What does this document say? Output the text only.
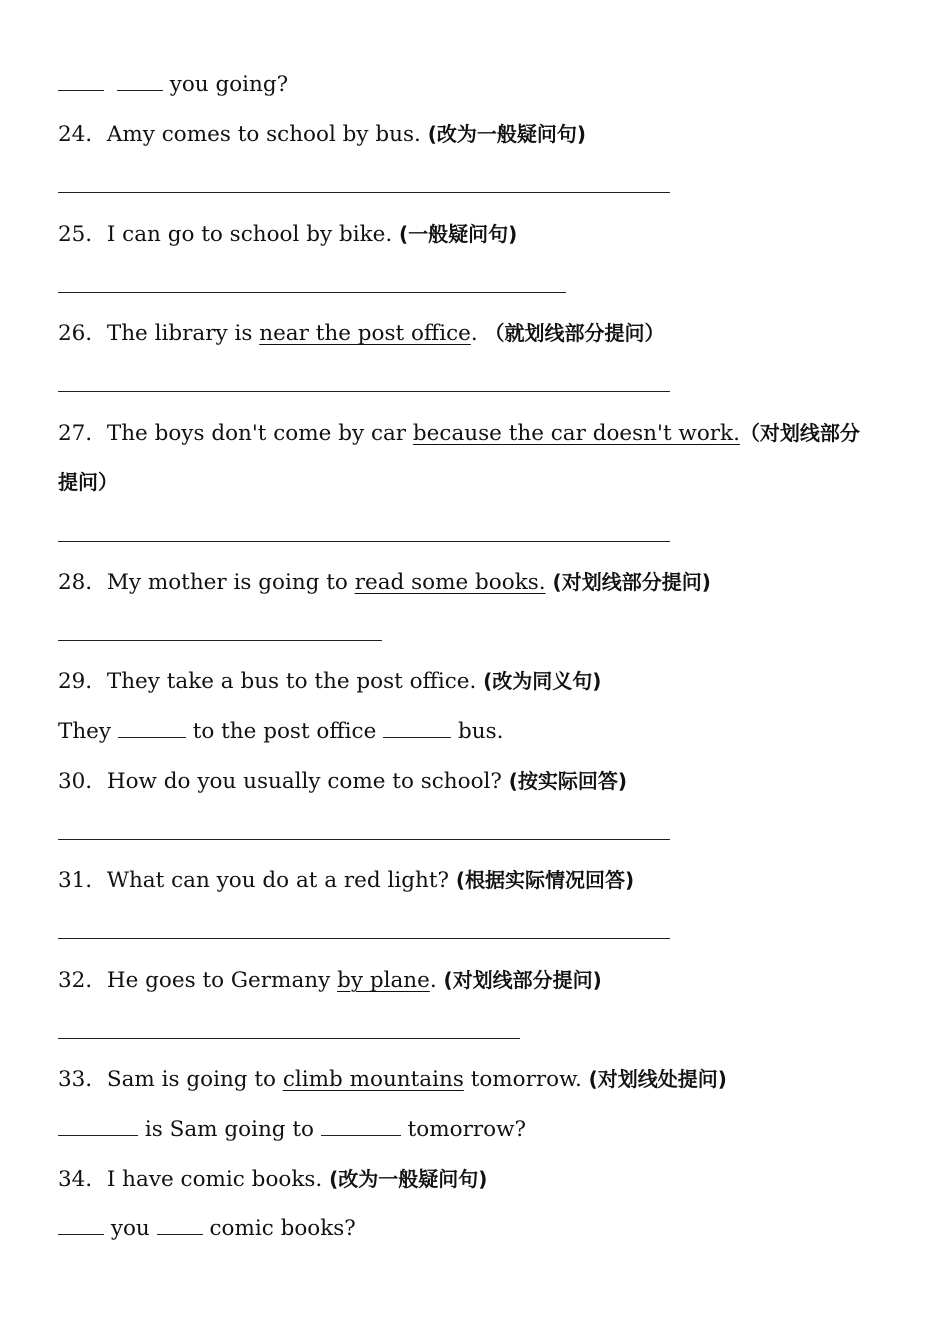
you going?
24．Amy comes to school by bus. (改为一般疑问句)
25．I can go to school by bike. (一般疑问句)
26．The library is near the post office. （就划线部分提问）
27．The boys don't come by car because the car doesn't work.（对划线部分
提问）
28．My mother is going to read some books. (对划线部分提问)
29．They take a bus to the post office. (改为同义句)
They	to the post office	bus.
30．How do you usually come to school? (按实际回答)
31．What can you do at a red light? (根据实际情况回答)
32．He goes to Germany by plane. (对划线部分提问)
33．Sam is going to climb mountains tomorrow. (对划线处提问)
is Sam going to	tomorrow?
34．I have comic books. (改为一般疑问句)
you	comic books?
